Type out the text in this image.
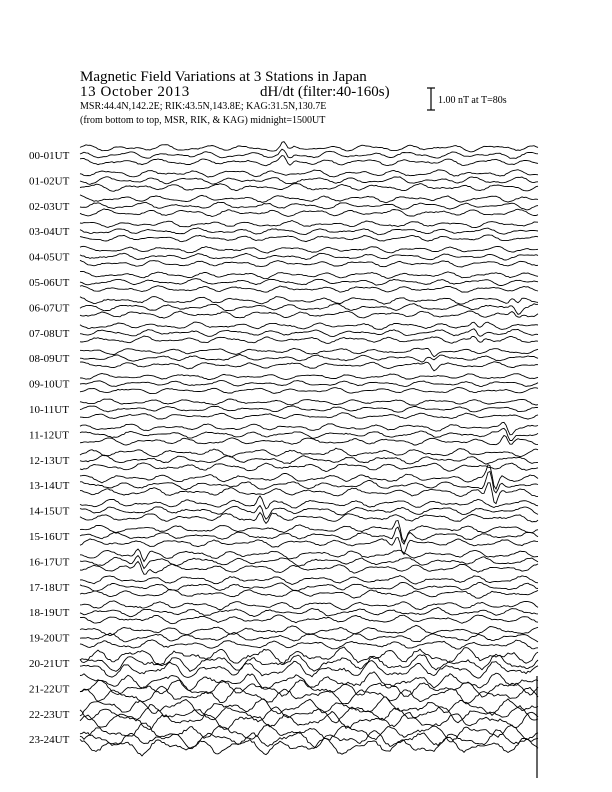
Magnetic Field Variations at 3 Stations in Japan
13 October 2013	dH/dt (filter:40-160s)
MSR:44.4N,142.2E; RIK:43.5N,143.8E; KAG:31.5N,130.7E
(from bottom to top, MSR, RIK, & KAG) midnight=1500UT
1.00 nT at T=80s
00-01UT
01-02UT
02-03UT
03-04UT
04-05UT
05-06UT
06-07UT
07-08UT
08-09UT
09-10UT
10-11UT
11-12UT
12-13UT
13-14UT
14-15UT
15-16UT
16-17UT
17-18UT
18-19UT
19-20UT
20-21UT
21-22UT
22-23UT
23-24UT
